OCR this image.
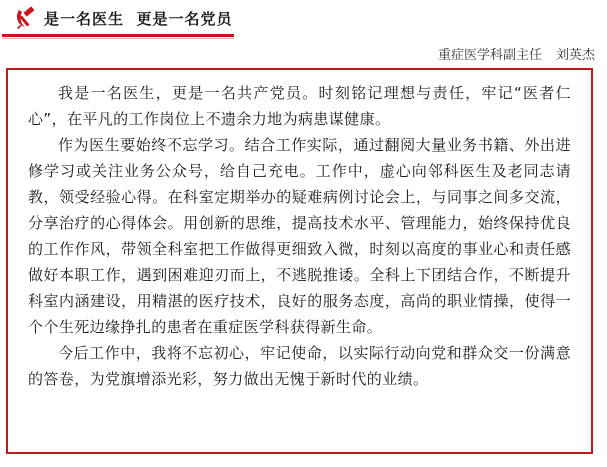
是一名医生  更是一名党员
重症医学科副主任 刘英杰

我是一名医生，更是一名共产党员。时刻铭记理想与责任，牢记“医者仁心”，在平凡的工作岗位上不遗余力地为病患谋健康。

作为医生要始终不忘学习。结合工作实际，通过翻阅大量业务书籍、外出进修学习或关注业务公众号，给自己充电。工作中，虚心向邻科医生及老同志请教，领受经验心得。在科室定期举办的疑难病例讨论会上，与同事之间多交流，分享治疗的心得体会。用创新的思维，提高技术水平、管理能力，始终保持优良的工作作风，带领全科室把工作做得更细致入微，时刻以高度的事业心和责任感做好本职工作，遇到困难迎刃而上，不逃脱推诿。全科上下团结合作，不断提升科室内涵建设，用精湛的医疗技术，良好的服务态度，高尚的职业情操，使得一个个生死边缘挣扎的患者在重症医学科获得新生命。

今后工作中，我将不忘初心，牢记使命，以实际行动向党和群众交一份满意的答卷，为党旗增添光彩，努力做出无愧于新时代的业绩。
